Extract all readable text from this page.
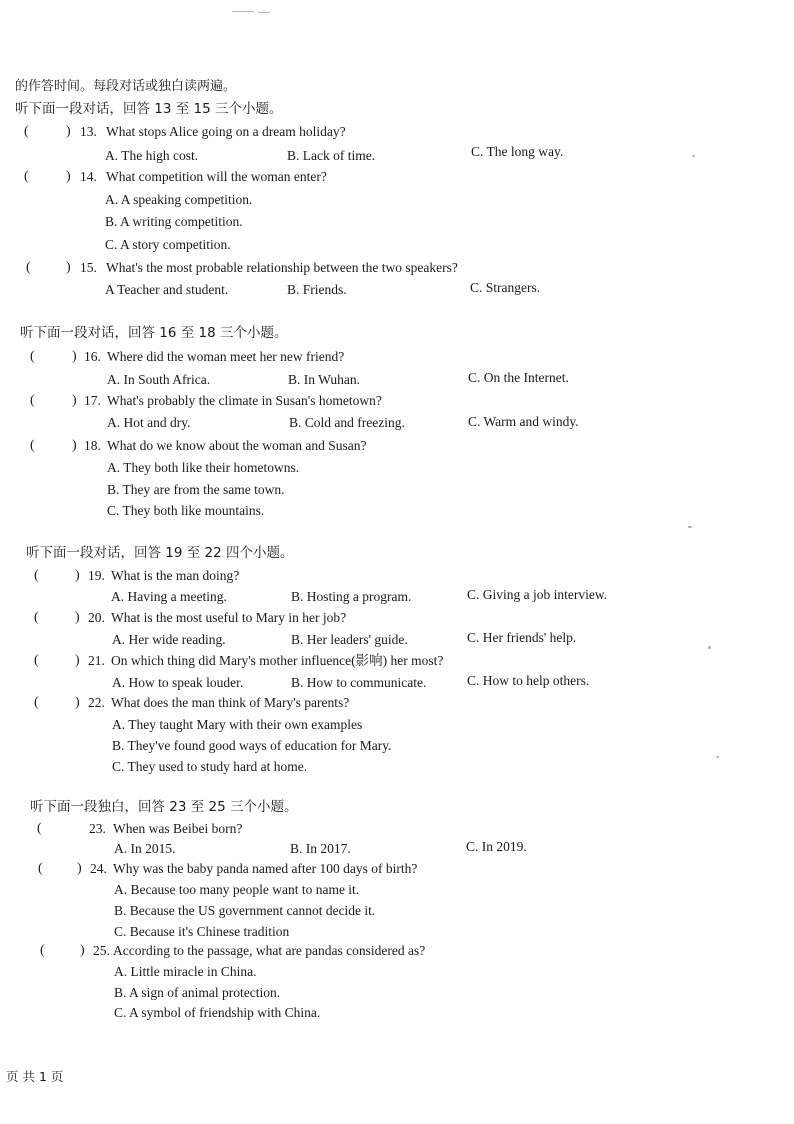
的作答时间。每段对话或独白读两遍。
听下面一段对话，回答 13 至 15 三个小题。
(	) 13. What stops Alice going on a dream holiday?
A. The high cost.	B. Lack of time.	C. The long way.
(	) 14. What competition will the woman enter?
A. A speaking competition.
B. A writing competition.
C. A story competition.
(	) 15. What's the most probable relationship between the two speakers?
A Teacher and student.	B. Friends.	C. Strangers.
听下面一段对话，回答 16 至 18 三个小题。
(	) 16. Where did the woman meet her new friend?
A. In South Africa.	B. In Wuhan.	C. On the Internet.
(	) 17. What's probably the climate in Susan's hometown?
A. Hot and dry.	B. Cold and freezing.	C. Warm and windy.
(	) 18. What do we know about the woman and Susan?
A. They both like their hometowns.
B. They are from the same town.
C. They both like mountains.
听下面一段对话，回答 19 至 22 四个小题。
(	) 19. What is the man doing?
A. Having a meeting.	B. Hosting a program.	C. Giving a job interview.
(	) 20. What is the most useful to Mary in her job?
A. Her wide reading.	B. Her leaders' guide.	C. Her friends' help.
(	) 21. On which thing did Mary's mother influence(影响) her most?
A. How to speak louder.	B. How to communicate.	C. How to help others.
(	) 22. What does the man think of Mary's parents?
A. They taught Mary with their own examples
B. They've found good ways of education for Mary.
C. They used to study hard at home.
听下面一段独白，回答 23 至 25 三个小题。
(	23. When was Beibei born?
A. In 2015.	B. In 2017.	C. In 2019.
( ) 24. Why was the baby panda named after 100 days of birth?
A. Because too many people want to name it.
B. Because the US government cannot decide it.
C. Because it's Chinese tradition
(	) 25. According to the passage, what are pandas considered as?
A. Little miracle in China.
B. A sign of animal protection.
C. A symbol of friendship with China.
页 共 1 页
